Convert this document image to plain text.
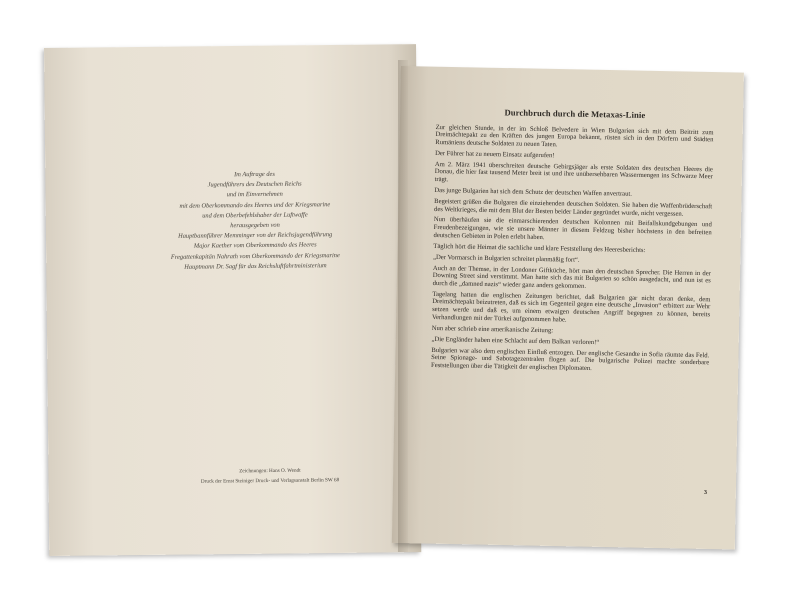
Im Auftrage des
Jugendführers des Deutschen Reichs
und im Einvernehmen
mit dem Oberkommando des Heeres und der Kriegsmarine
und dem Oberbefehlshaber der Luftwaffe
herausgegeben von
Hauptbannführer Memminger von der Reichsjugendführung
Major Kaether vom Oberkommando des Heeres
Fregattenkapitän Nahrath vom Oberkommando der Kriegsmarine
Hauptmann Dr. Sagf für das Reichsluftfahrtministerium
Zeichnungen: Hans O. Wendt
Druck der Ernst Steiniger Druck- und Verlagsanstalt Berlin SW 68
Durchbruch durch die Metaxas-Linie

Zur gleichen Stunde, in der im Schloß Belvedere in Wien Bulgarien sich mit dem Beitritt zum Dreimächtepakt zu den Kräften des jungen Europa bekannt, rüsten sich in den Dörfern und Städten Rumäniens deutsche Soldaten zu neuen Taten.

Der Führer hat zu neuem Einsatz aufgerufen!

Am 2. März 1941 überschreiten deutsche Gebirgsjäger als erste Soldaten des deutschen Heeres die Donau, die hier fast tausend Meter breit ist und ihre unübersehbaren Wassermengen ins Schwarze Meer trägt.

Das junge Bulgarien hat sich dem Schutz der deutschen Waffen anvertraut.

Begeistert grüßen die Bulgaren die einziehenden deutschen Soldaten. Sie haben die Waffenbrüderschaft des Weltkrieges, die mit dem Blut der Besten beider Länder gegründet wurde, nicht vergessen.

Nun überhäufen sie die einmarschierenden deutschen Kolonnen mit Beifallskundgebungen und Freudenbezeigungen, wie sie unsere Männer in diesem Feldzug bisher höchstens in den befreiten deutschen Gebieten in Polen erlebt haben.

Täglich hört die Heimat die sachliche und klare Feststellung des Heeresberichts:

„Der Vormarsch in Bulgarien schreitet planmäßig fort“.

Auch an der Themse, in der Londoner Giftküche, hört man den deutschen Sprecher. Die Herren in der Downing Street sind verstimmt. Man hatte sich das mit Bulgarien so schön ausgedacht, und nun ist es durch die „damned nazis“ wieder ganz anders gekommen.

Tagelang hatten die englischen Zeitungen berichtet, daß Bulgarien gar nicht daran denke, dem Dreimächtepakt beizutreten, daß es sich im Gegenteil gegen eine deutsche „Invasion“ erbittert zur Wehr setzen werde und daß es, um einem etwaigen deutschen Angriff begegnen zu können, bereits Verhandlungen mit der Türkei aufgenommen habe.

Nun aber schrieb eine amerikanische Zeitung:

„Die Engländer haben eine Schlacht auf dem Balkan verloren!“

Bulgarien war also dem englischen Einfluß entzogen. Der englische Gesandte in Sofia räumte das Feld. Seine Spionage- und Sabotagezentralen flogen auf. Die bulgarische Polizei machte sonderbare Feststellungen über die Tätigkeit der englischen Diplomaten.

3
